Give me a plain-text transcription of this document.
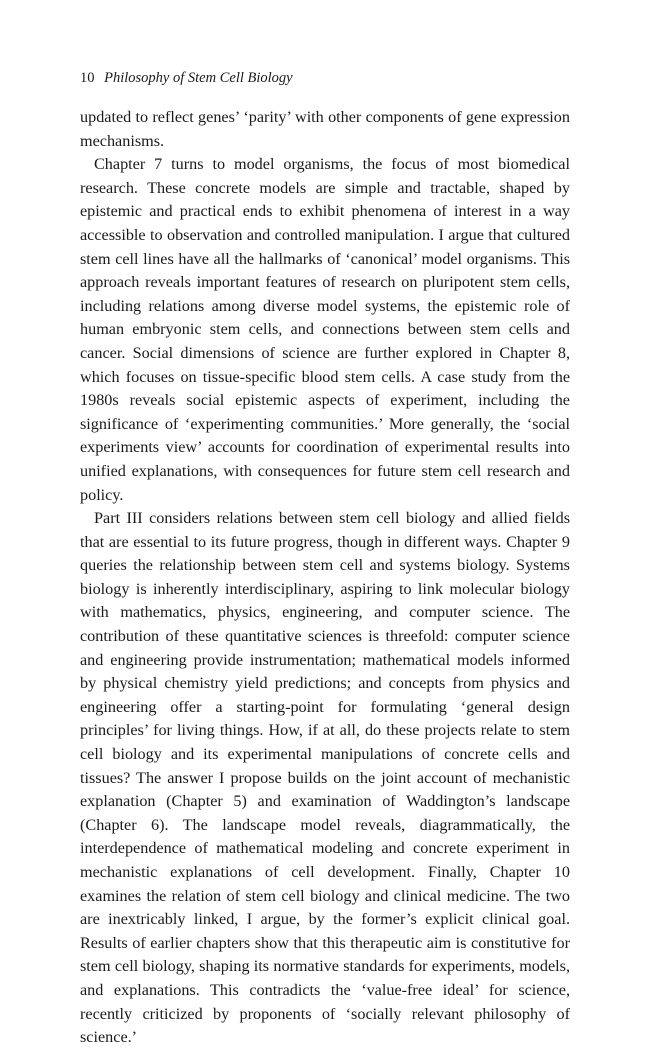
10 Philosophy of Stem Cell Biology

updated to reflect genes’ ‘parity’ with other components of gene expression mechanisms.

Chapter 7 turns to model organisms, the focus of most biomedical research. These concrete models are simple and tractable, shaped by epistemic and practical ends to exhibit phenomena of interest in a way accessible to observation and controlled manipulation. I argue that cultured stem cell lines have all the hallmarks of ‘canonical’ model organisms. This approach reveals important features of research on pluripotent stem cells, including relations among diverse model systems, the epistemic role of human embryonic stem cells, and connections between stem cells and cancer. Social dimensions of science are further explored in Chapter 8, which focuses on tissue-specific blood stem cells. A case study from the 1980s reveals social epistemic aspects of experiment, including the significance of ‘experimenting communities.’ More generally, the ‘social experiments view’ accounts for coordination of experimental results into unified explanations, with consequences for future stem cell research and policy.

Part III considers relations between stem cell biology and allied fields that are essential to its future progress, though in different ways. Chapter 9 queries the relationship between stem cell and systems biology. Systems biology is inherently interdisciplinary, aspiring to link molecular biology with mathematics, physics, engineering, and computer science. The contribution of these quantitative sciences is threefold: computer science and engineering provide instrumentation; mathematical models informed by physical chemistry yield predictions; and concepts from physics and engineering offer a starting-point for formulating ‘general design principles’ for living things. How, if at all, do these projects relate to stem cell biology and its experimental manipulations of concrete cells and tissues? The answer I propose builds on the joint account of mechanistic explanation (Chapter 5) and examination of Waddington’s landscape (Chapter 6). The landscape model reveals, diagrammatically, the interdependence of mathematical modeling and concrete experiment in mechanistic explanations of cell development. Finally, Chapter 10 examines the relation of stem cell biology and clinical medicine. The two are inextricably linked, I argue, by the former’s explicit clinical goal. Results of earlier chapters show that this therapeutic aim is constitutive for stem cell biology, shaping its normative standards for experiments, models, and explanations. This contradicts the ‘value-free ideal’ for science, recently criticized by proponents of ‘socially relevant philosophy of science.’
